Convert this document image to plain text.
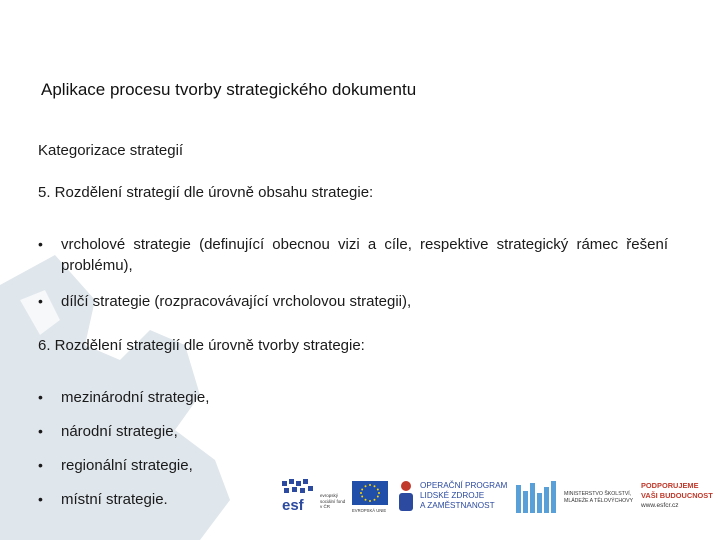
Aplikace procesu tvorby strategického dokumentu
Kategorizace strategií
5. Rozdělení strategií dle úrovně obsahu strategie:
•	vrcholové strategie (definující obecnou vizi a cíle, respektive strategický rámec řešení problému),
•	dílčí strategie (rozpracovávající vrcholovou strategii),
6. Rozdělení strategií dle úrovně tvorby strategie:
•	mezinárodní strategie,
•	národní strategie,
•	regionální strategie,
•	místní strategie.	esf
evropský sociální fond v ČR
EVROPSKÁ UNIE
OPERAČNÍ PROGRAM
LIDSKÉ ZDROJE
A ZAMĚSTNANOST
MINISTERSTVO ŠKOLSTVÍ,
MLÁDEŽE A TĚLOVÝCHOVY
PODPORUJEME
VAŠI BUDOUCNOST
www.esfcr.cz
